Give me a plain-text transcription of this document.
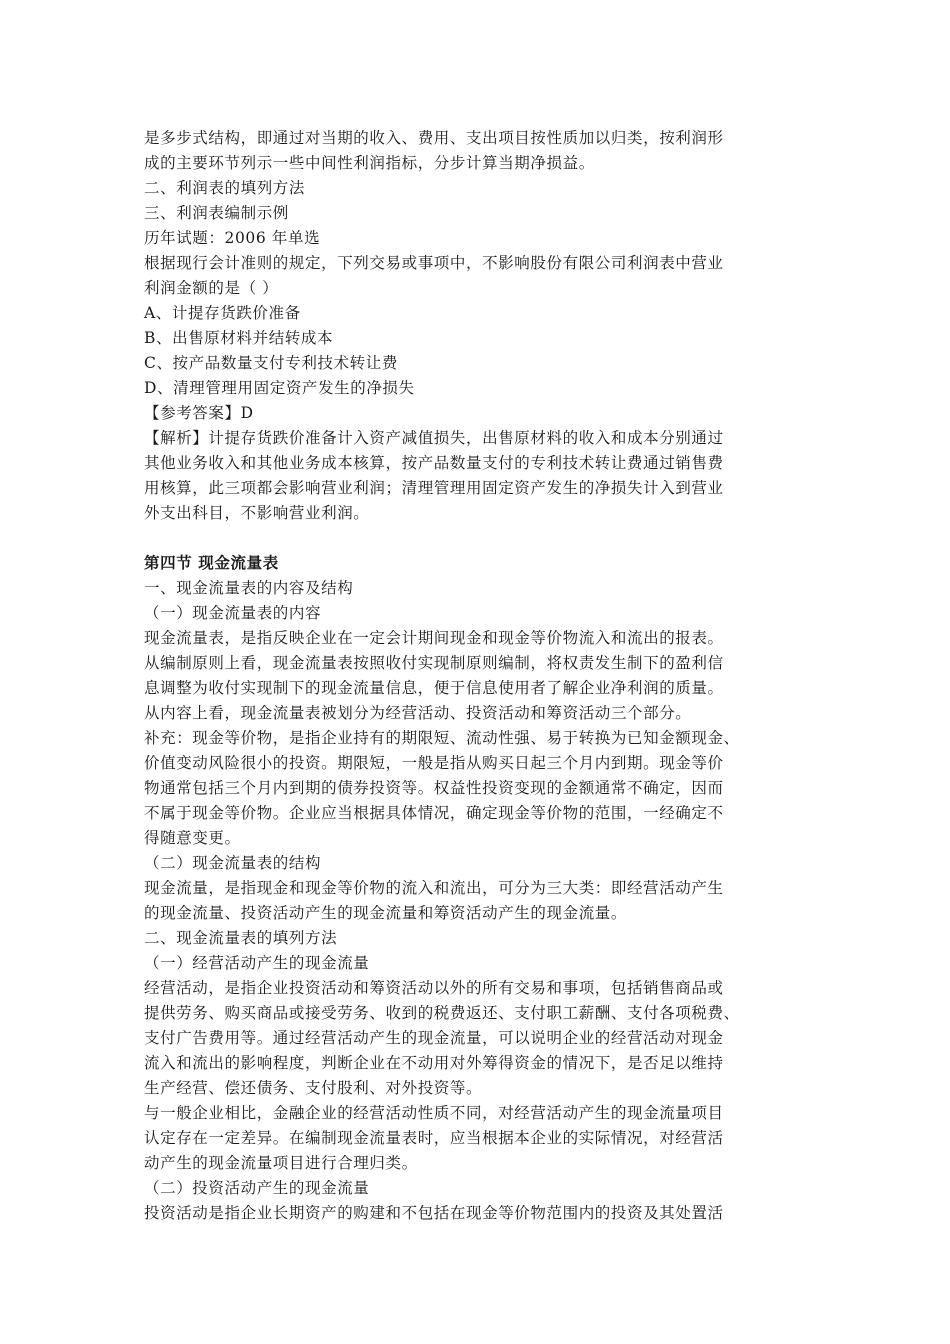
是多步式结构，即通过对当期的收入、费用、支出项目按性质加以归类，按利润形
成的主要环节列示一些中间性利润指标，分步计算当期净损益。
二、利润表的填列方法
三、利润表编制示例
历年试题：2006 年单选
根据现行会计准则的规定，下列交易或事项中，不影响股份有限公司利润表中营业
利润金额的是（ ）
A、计提存货跌价准备
B、出售原材料并结转成本
C、按产品数量支付专利技术转让费
D、清理管理用固定资产发生的净损失
【参考答案】D
【解析】计提存货跌价准备计入资产减值损失，出售原材料的收入和成本分别通过
其他业务收入和其他业务成本核算，按产品数量支付的专利技术转让费通过销售费
用核算，此三项都会影响营业利润；清理管理用固定资产发生的净损失计入到营业
外支出科目，不影响营业利润。
第四节 现金流量表
一、现金流量表的内容及结构
（一）现金流量表的内容
现金流量表，是指反映企业在一定会计期间现金和现金等价物流入和流出的报表。
从编制原则上看，现金流量表按照收付实现制原则编制，将权责发生制下的盈利信
息调整为收付实现制下的现金流量信息，便于信息使用者了解企业净利润的质量。
从内容上看，现金流量表被划分为经营活动、投资活动和筹资活动三个部分。
补充：现金等价物，是指企业持有的期限短、流动性强、易于转换为已知金额现金、
价值变动风险很小的投资。期限短，一般是指从购买日起三个月内到期。现金等价
物通常包括三个月内到期的债券投资等。权益性投资变现的金额通常不确定，因而
不属于现金等价物。企业应当根据具体情况，确定现金等价物的范围，一经确定不
得随意变更。
（二）现金流量表的结构
现金流量，是指现金和现金等价物的流入和流出，可分为三大类：即经营活动产生
的现金流量、投资活动产生的现金流量和筹资活动产生的现金流量。
二、现金流量表的填列方法
（一）经营活动产生的现金流量
经营活动，是指企业投资活动和筹资活动以外的所有交易和事项，包括销售商品或
提供劳务、购买商品或接受劳务、收到的税费返还、支付职工薪酬、支付各项税费、
支付广告费用等。通过经营活动产生的现金流量，可以说明企业的经营活动对现金
流入和流出的影响程度，判断企业在不动用对外筹得资金的情况下，是否足以维持
生产经营、偿还债务、支付股利、对外投资等。
与一般企业相比，金融企业的经营活动性质不同，对经营活动产生的现金流量项目
认定存在一定差异。在编制现金流量表时，应当根据本企业的实际情况，对经营活
动产生的现金流量项目进行合理归类。
（二）投资活动产生的现金流量
投资活动是指企业长期资产的购建和不包括在现金等价物范围内的投资及其处置活
